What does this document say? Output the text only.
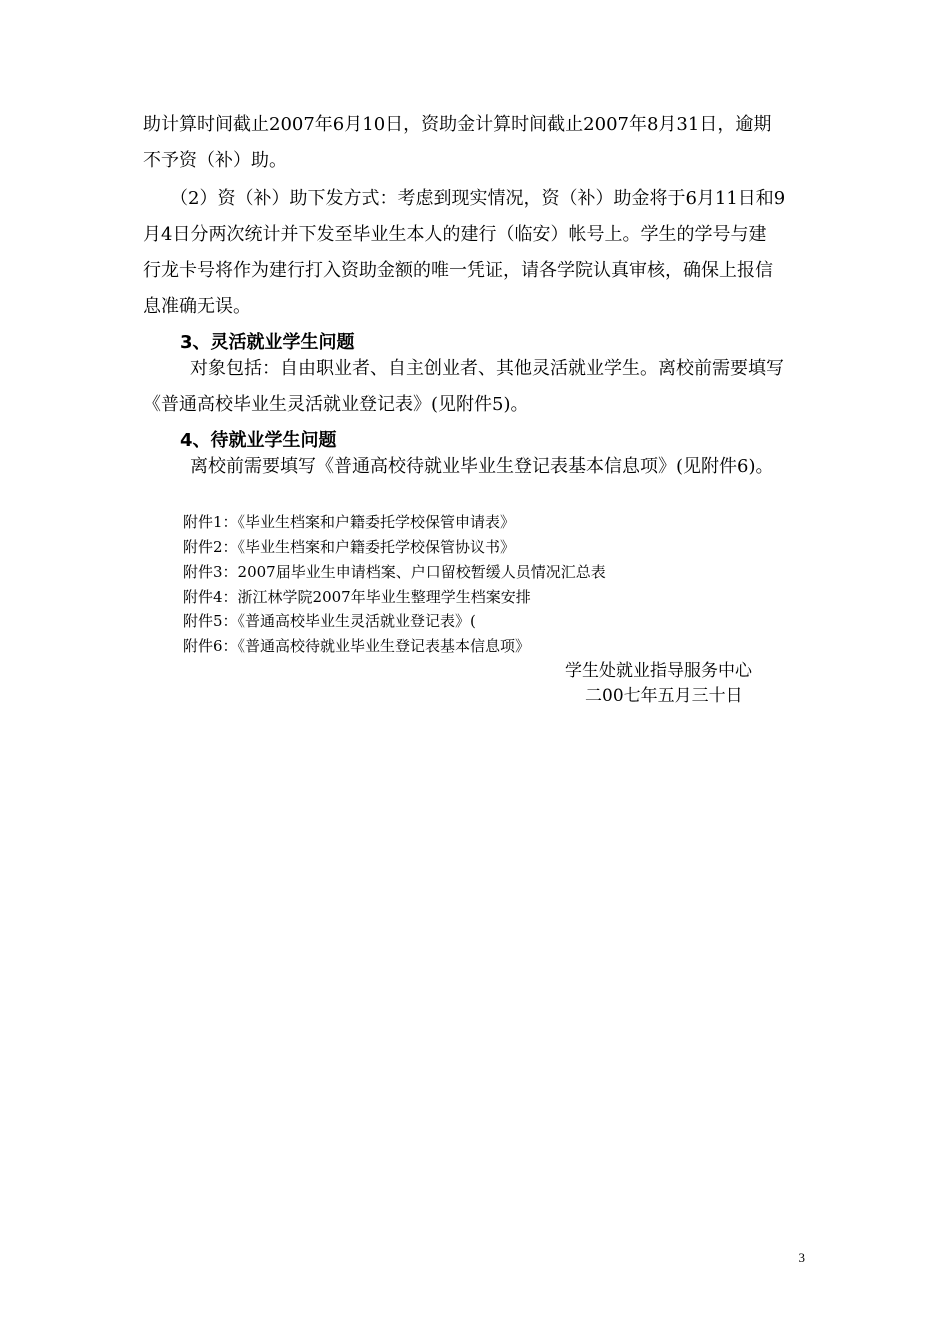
助计算时间截止2007年6月10日，资助金计算时间截止2007年8月31日，逾期
不予资（补）助。
（2）资（补）助下发方式：考虑到现实情况，资（补）助金将于6月11日和9
月4日分两次统计并下发至毕业生本人的建行（临安）帐号上。学生的学号与建
行龙卡号将作为建行打入资助金额的唯一凭证，请各学院认真审核，确保上报信
息准确无误。
3、灵活就业学生问题
对象包括：自由职业者、自主创业者、其他灵活就业学生。离校前需要填写
《普通高校毕业生灵活就业登记表》(见附件5)。
4、待就业学生问题
离校前需要填写《普通高校待就业毕业生登记表基本信息项》(见附件6)。
附件1：《毕业生档案和户籍委托学校保管申请表》
附件2：《毕业生档案和户籍委托学校保管协议书》
附件3：2007届毕业生申请档案、户口留校暂缓人员情况汇总表
附件4：浙江林学院2007年毕业生整理学生档案安排
附件5：《普通高校毕业生灵活就业登记表》(
附件6：《普通高校待就业毕业生登记表基本信息项》
学生处就业指导服务中心
二00七年五月三十日
3
